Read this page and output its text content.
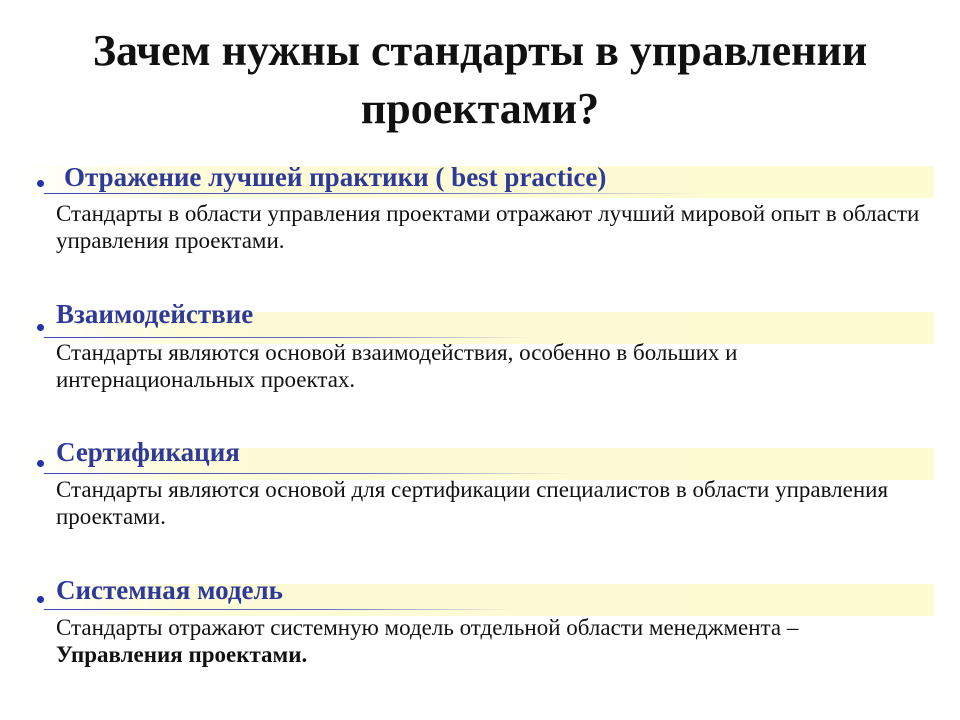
Зачем нужны стандарты в управлении проектами?
Отражение лучшей практики ( best practice)
Стандарты в области управления проектами отражают лучший мировой опыт в области управления проектами.
Взаимодействие
Стандарты являются основой взаимодействия, особенно в больших и интернациональных проектах.
Сертификация
Стандарты являются основой для сертификации специалистов в области управления проектами.
Системная модель
Стандарты отражают системную модель отдельной области менеджмента –
Управления проектами.
